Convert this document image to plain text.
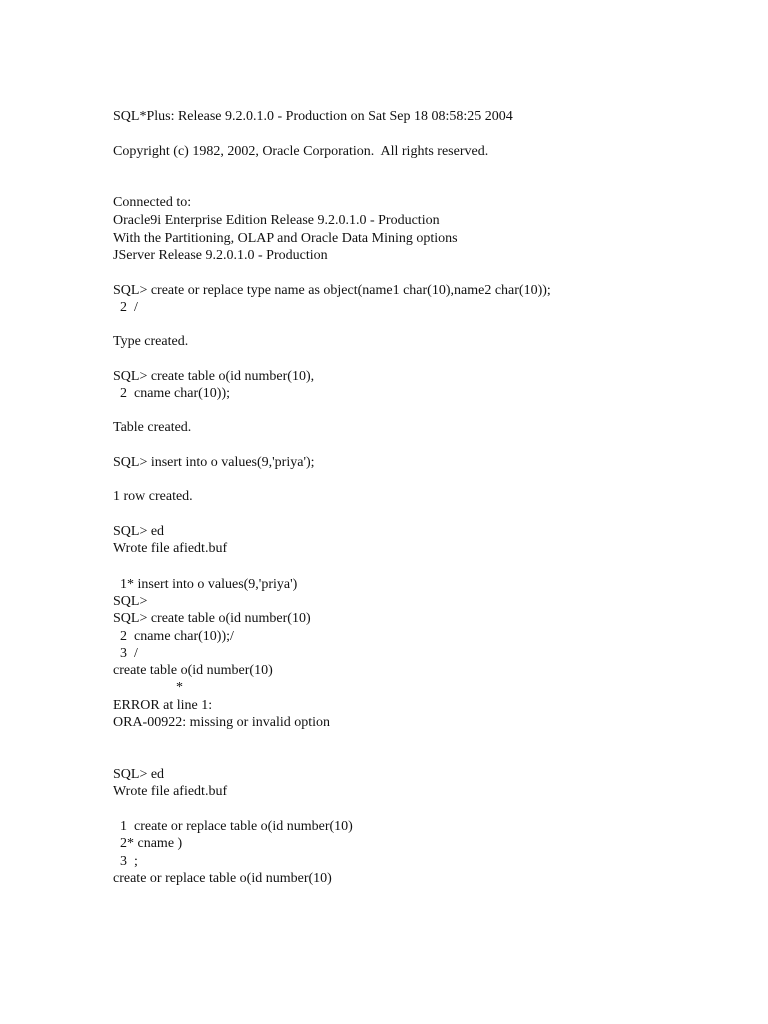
SQL*Plus: Release 9.2.0.1.0 - Production on Sat Sep 18 08:58:25 2004

Copyright (c) 1982, 2002, Oracle Corporation.  All rights reserved.

Connected to:

Oracle9i Enterprise Edition Release 9.2.0.1.0 - Production

With the Partitioning, OLAP and Oracle Data Mining options

JServer Release 9.2.0.1.0 - Production

SQL> create or replace type name as object(name1 char(10),name2 char(10));

2  /

Type created.

SQL> create table o(id number(10),

2  cname char(10));

Table created.

SQL> insert into o values(9,'priya');

1 row created.

SQL> ed

Wrote file afiedt.buf

1* insert into o values(9,'priya')

SQL>

SQL> create table o(id number(10)

2  cname char(10));/

3  /

create table o(id number(10)

*

ERROR at line 1:

ORA-00922: missing or invalid option

SQL> ed

Wrote file afiedt.buf

1  create or replace table o(id number(10)

2* cname )

3  ;

create or replace table o(id number(10)
